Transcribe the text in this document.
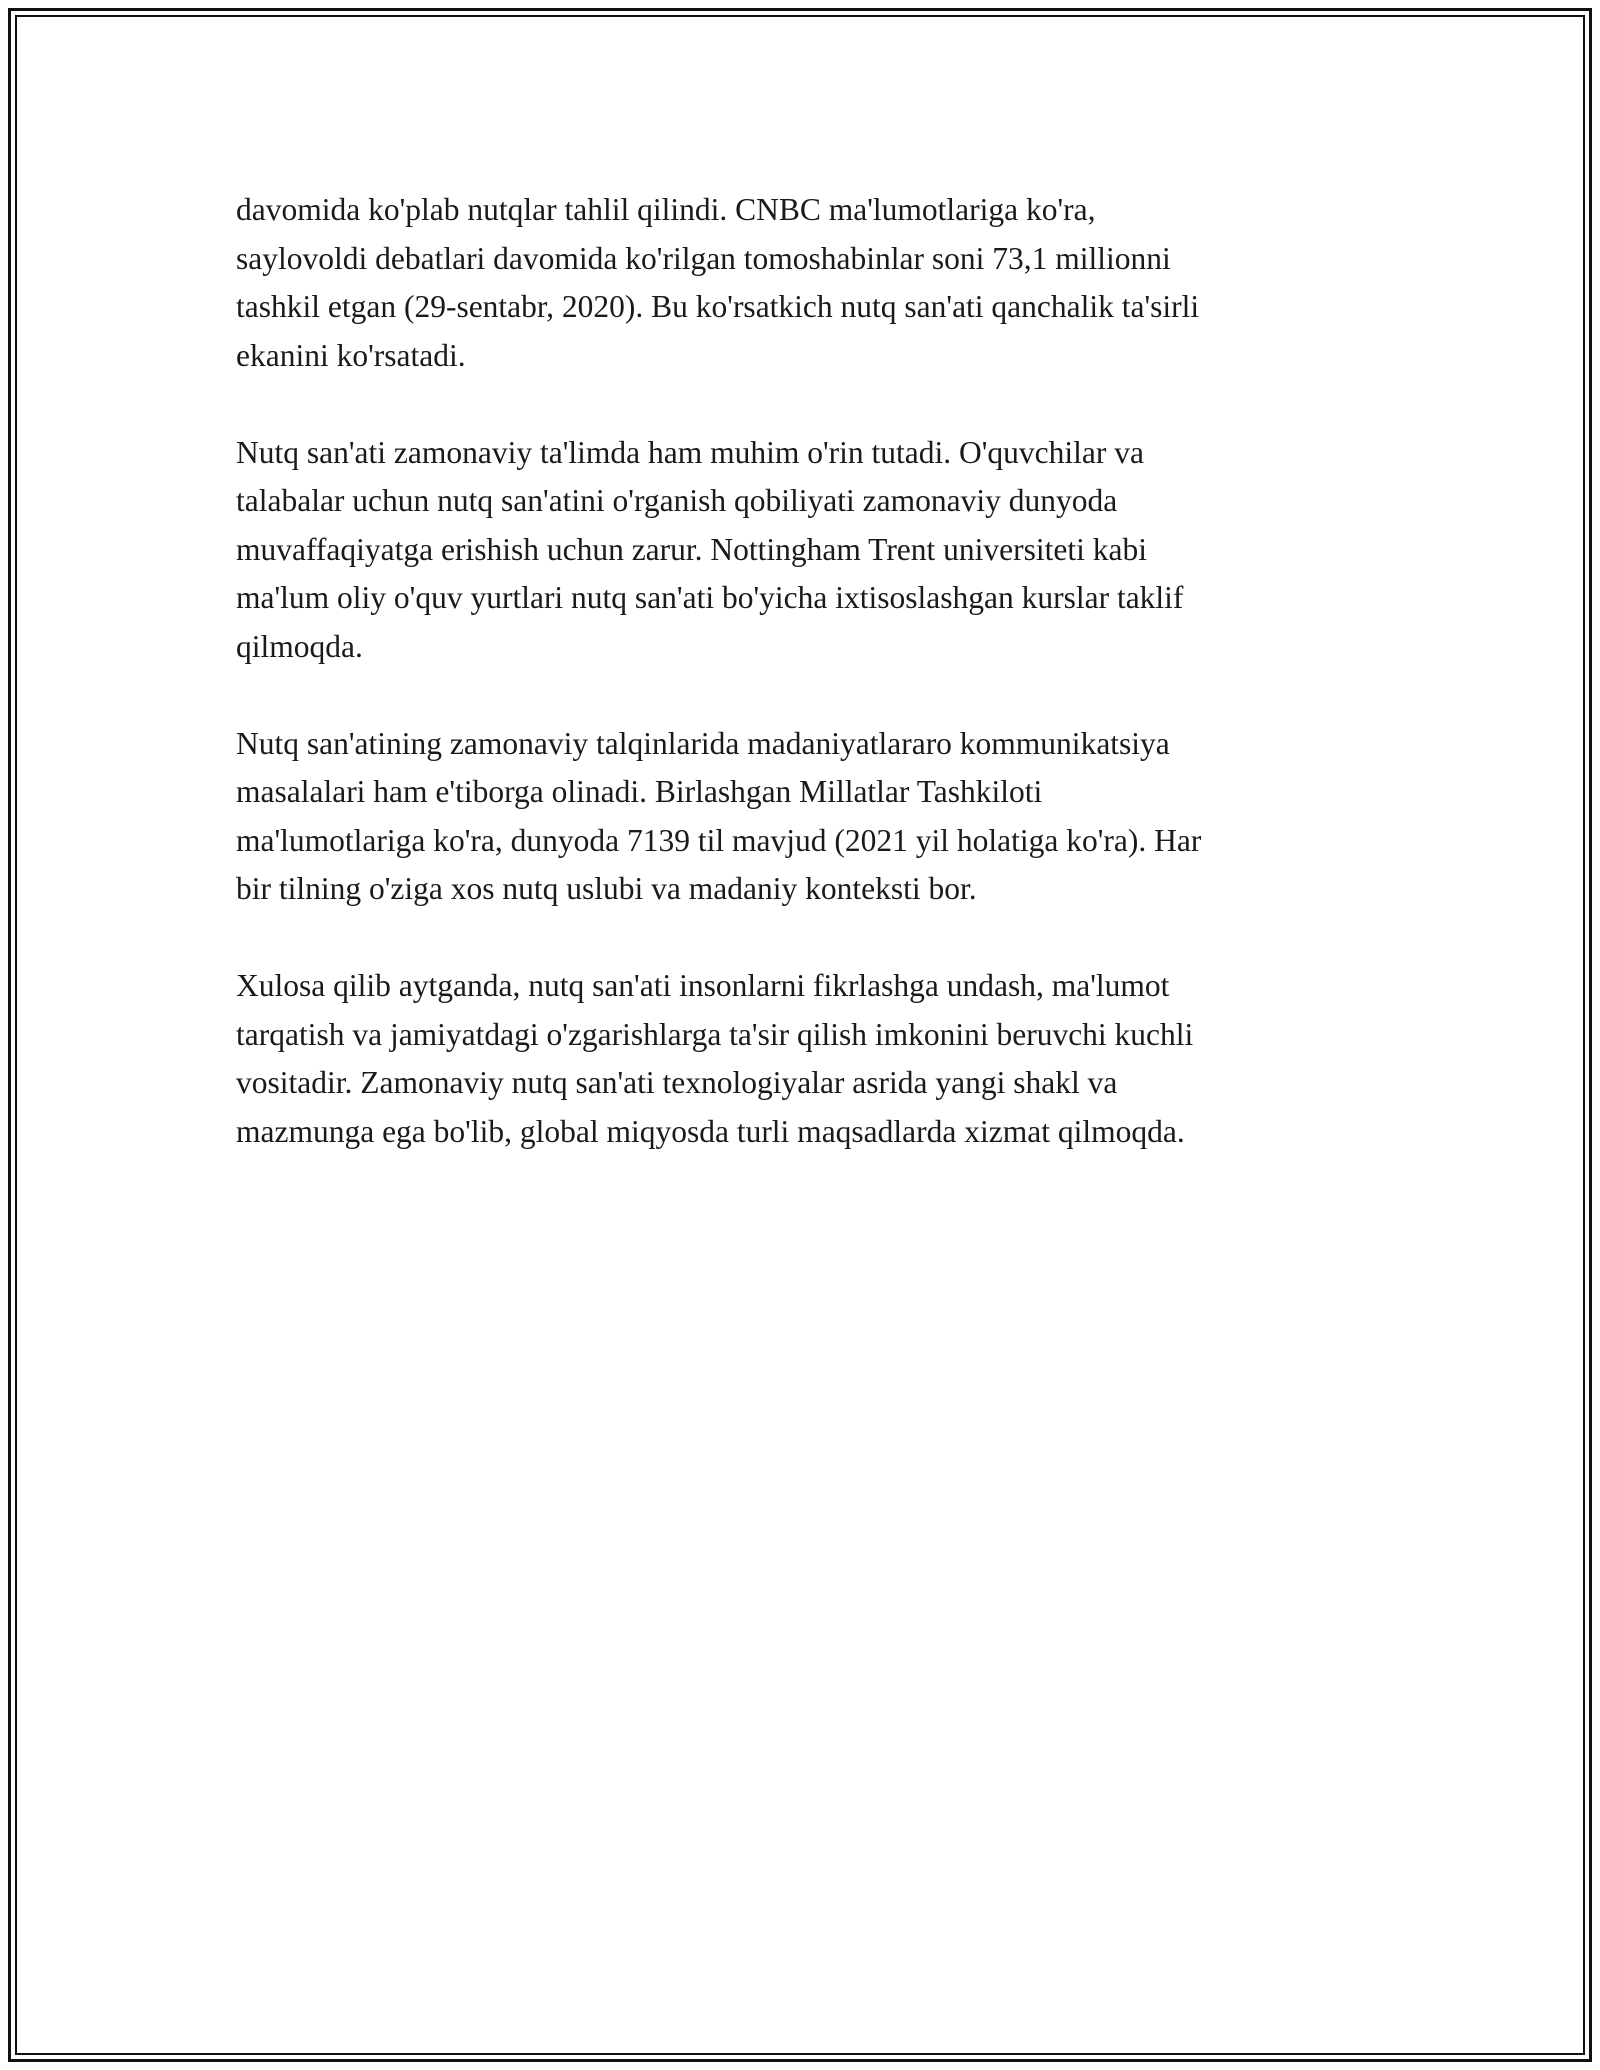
davomida ko'plab nutqlar tahlil qilindi. CNBC ma'lumotlariga ko'ra,
saylovoldi debatlari davomida ko'rilgan tomoshabinlar soni 73,1 millionni
tashkil etgan (29-sentabr, 2020). Bu ko'rsatkich nutq san'ati qanchalik ta'sirli
ekanini ko'rsatadi.

Nutq san'ati zamonaviy ta'limda ham muhim o'rin tutadi. O'quvchilar va
talabalar uchun nutq san'atini o'rganish qobiliyati zamonaviy dunyoda
muvaffaqiyatga erishish uchun zarur. Nottingham Trent universiteti kabi
ma'lum oliy o'quv yurtlari nutq san'ati bo'yicha ixtisoslashgan kurslar taklif
qilmoqda.

Nutq san'atining zamonaviy talqinlarida madaniyatlararo kommunikatsiya
masalalari ham e'tiborga olinadi. Birlashgan Millatlar Tashkiloti
ma'lumotlariga ko'ra, dunyoda 7139 til mavjud (2021 yil holatiga ko'ra). Har
bir tilning o'ziga xos nutq uslubi va madaniy konteksti bor.

Xulosa qilib aytganda, nutq san'ati insonlarni fikrlashga undash, ma'lumot
tarqatish va jamiyatdagi o'zgarishlarga ta'sir qilish imkonini beruvchi kuchli
vositadir. Zamonaviy nutq san'ati texnologiyalar asrida yangi shakl va
mazmunga ega bo'lib, global miqyosda turli maqsadlarda xizmat qilmoqda.
